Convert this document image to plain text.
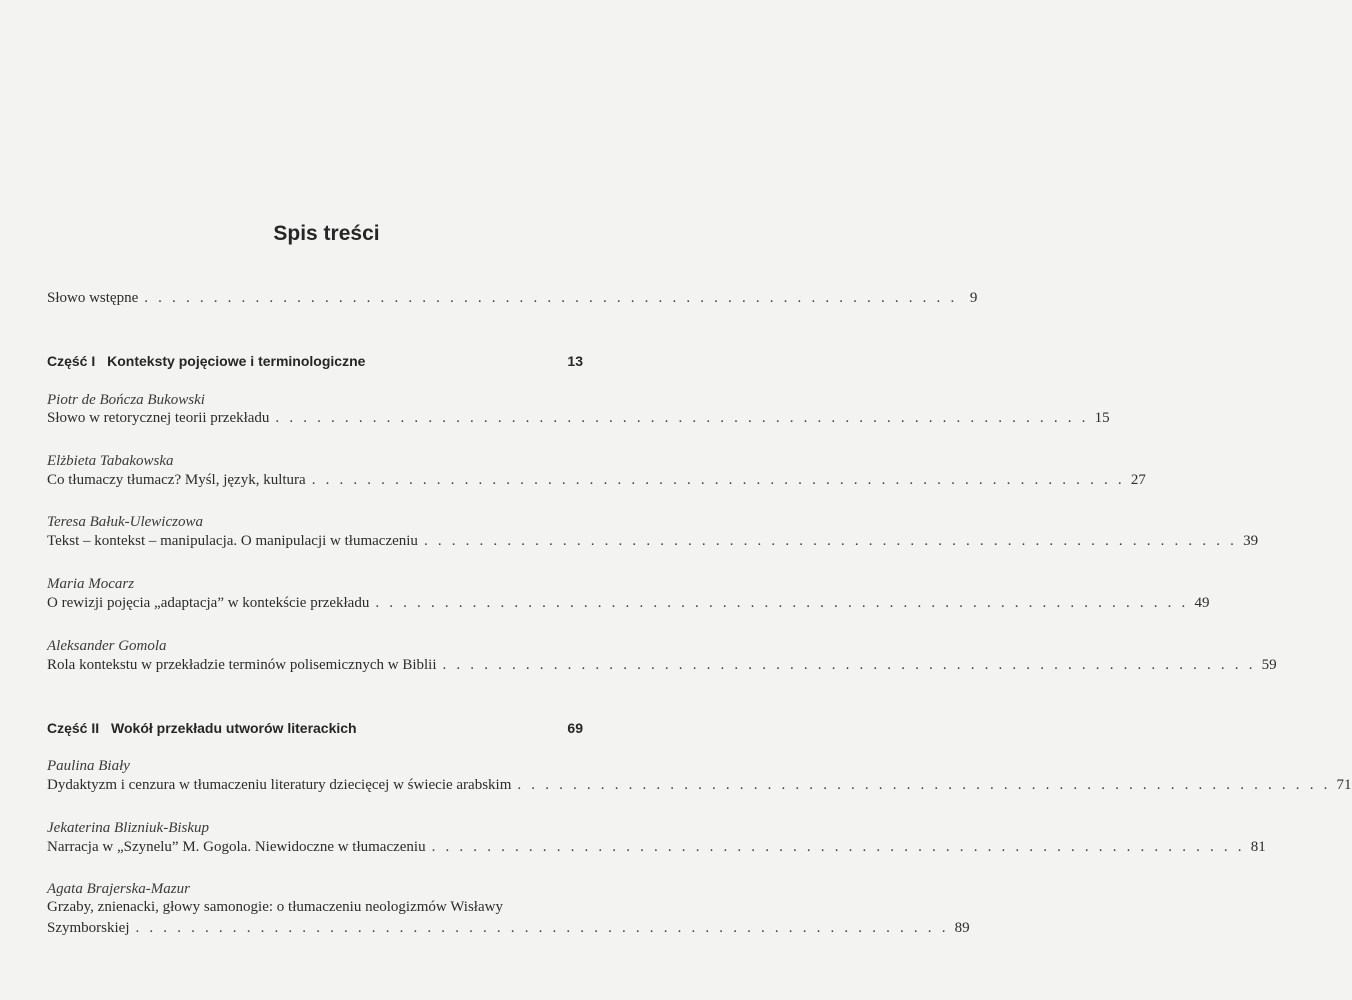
Spis treści
Słowo wstępne . . . . . . . . . . . . . . . . . . . . . . . . . . . . . . . . . . . . . . . . . . . . . . . . . . . . . . . . . . . 9
Część I Konteksty pojęciowe i terminologiczne	13
Piotr de Bończa Bukowski
Słowo w retorycznej teorii przekładu . . . . . . . . . . . . . . . . . . . . . . . . . . . . . . . . . . . . . . . . . . . . . . . . . . . . . . . . . . . 15
Elżbieta Tabakowska
Co tłumaczy tłumacz? Myśl, język, kultura . . . . . . . . . . . . . . . . . . . . . . . . . . . . . . . . . . . . . . . . . . . . . . . . . . . . . . . . . . . 27
Teresa Bałuk-Ulewiczowa
Tekst – kontekst – manipulacja. O manipulacji w tłumaczeniu . . . . . . . . . . . . . . . . . . . . . . . . . . . . . . . . . . . . . . . . . . . . . . . . . . . . . . . . . . . 39
Maria Mocarz
O rewizji pojęcia „adaptacja” w kontekście przekładu . . . . . . . . . . . . . . . . . . . . . . . . . . . . . . . . . . . . . . . . . . . . . . . . . . . . . . . . . . . 49
Aleksander Gomola
Rola kontekstu w przekładzie terminów polisemicznych w Biblii . . . . . . . . . . . . . . . . . . . . . . . . . . . . . . . . . . . . . . . . . . . . . . . . . . . . . . . . . . . 59
Część II Wokół przekładu utworów literackich	69
Paulina Biały
Dydaktyzm i cenzura w tłumaczeniu literatury dziecięcej w świecie arabskim . . . . . . . . . . . . . . . . . . . . . . . . . . . . . . . . . . . . . . . . . . . . . . . . . . . . . . . . . . . 71
Jekaterina Blizniuk-Biskup
Narracja w „Szynelu” M. Gogola. Niewidoczne w tłumaczeniu . . . . . . . . . . . . . . . . . . . . . . . . . . . . . . . . . . . . . . . . . . . . . . . . . . . . . . . . . . . 81
Agata Brajerska-Mazur
Grzaby, znienacki, głowy samonogie: o tłumaczeniu neologizmów Wisławy
Szymborskiej . . . . . . . . . . . . . . . . . . . . . . . . . . . . . . . . . . . . . . . . . . . . . . . . . . . . . . . . . . . 89
